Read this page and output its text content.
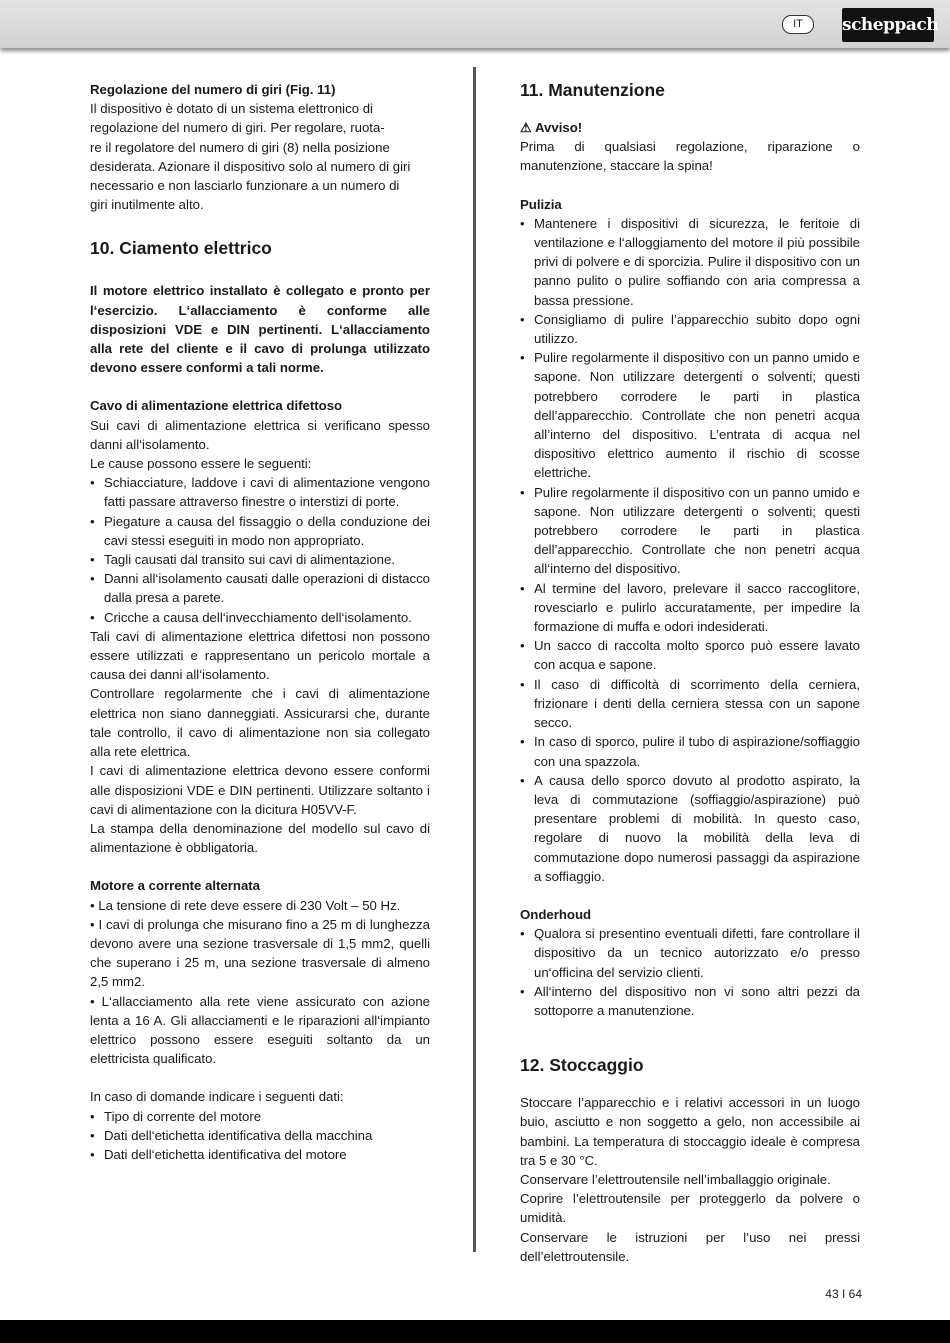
IT	scheppach

Regolazione del numero di giri (Fig. 11)

Il dispositivo è dotato di un sistema elettronico di

regolazione del numero di giri. Per regolare, ruota-

re il regolatore del numero di giri (8) nella posizione

desiderata. Azionare il dispositivo solo al numero di giri

necessario e non lasciarlo funzionare a un numero di

giri inutilmente alto.

10. Ciamento elettrico

Il motore elettrico installato è collegato e pronto per l‘esercizio. L‘allacciamento è conforme alle disposizioni VDE e DIN pertinenti. L‘allacciamento alla rete del cliente e il cavo di prolunga utilizzato devono essere conformi a tali norme.

Cavo di alimentazione elettrica difettoso

Sui cavi di alimentazione elettrica si verificano spesso danni all‘isolamento.

Le cause possono essere le seguenti:

• Schiacciature, laddove i cavi di alimentazione vengono fatti passare attraverso finestre o interstizi di porte.
• Piegature a causa del fissaggio o della conduzione dei cavi stessi eseguiti in modo non appropriato.
• Tagli causati dal transito sui cavi di alimentazione.
• Danni all‘isolamento causati dalle operazioni di distacco dalla presa a parete.
• Cricche a causa dell‘invecchiamento dell‘isolamento.

Tali cavi di alimentazione elettrica difettosi non possono essere utilizzati e rappresentano un pericolo mortale a causa dei danni all‘isolamento.

Controllare regolarmente che i cavi di alimentazione elettrica non siano danneggiati. Assicurarsi che, durante tale controllo, il cavo di alimentazione non sia collegato alla rete elettrica.

I cavi di alimentazione elettrica devono essere conformi alle disposizioni VDE e DIN pertinenti. Utilizzare soltanto i cavi di alimentazione con la dicitura H05VV-F.

La stampa della denominazione del modello sul cavo di alimentazione è obbligatoria.

Motore a corrente alternata

• La tensione di rete deve essere di 230 Volt – 50 Hz.

• I cavi di prolunga che misurano fino a 25 m di lunghezza devono avere una sezione trasversale di 1,5 mm2, quelli che superano i 25 m, una sezione trasversale di almeno 2,5 mm2.

• L‘allacciamento alla rete viene assicurato con azione lenta a 16 A. Gli allacciamenti e le riparazioni all‘impianto elettrico possono essere eseguiti soltanto da un elettricista qualificato.

In caso di domande indicare i seguenti dati:

• Tipo di corrente del motore
• Dati dell‘etichetta identificativa della macchina
• Dati dell‘etichetta identificativa del motore
11. Manutenzione

⚠ Avviso!

Prima di qualsiasi regolazione, riparazione o manutenzione, staccare la spina!

Pulizia

• Mantenere i dispositivi di sicurezza, le feritoie di ventilazione e l‘alloggiamento del motore il più possibile privi di polvere e di sporcizia. Pulire il dispositivo con un panno pulito o pulire soffiando con aria compressa a bassa pressione.
• Consigliamo di pulire l’apparecchio subito dopo ogni utilizzo.
• Pulire regolarmente il dispositivo con un panno umido e sapone. Non utilizzare detergenti o solventi; questi potrebbero corrodere le parti in plastica dell’apparecchio. Controllate che non penetri acqua all’interno del dispositivo. L’entrata di acqua nel dispositivo elettrico aumento il rischio di scosse elettriche.
• Pulire regolarmente il dispositivo con un panno umido e sapone. Non utilizzare detergenti o solventi; questi potrebbero corrodere le parti in plastica dell’apparecchio. Controllate che non penetri acqua all‘interno del dispositivo.
• Al termine del lavoro, prelevare il sacco raccoglitore, rovesciarlo e pulirlo accuratamente, per impedire la formazione di muffa e odori indesiderati.
• Un sacco di raccolta molto sporco può essere lavato con acqua e sapone.
• Il caso di difficoltà di scorrimento della cerniera, frizionare i denti della cerniera stessa con un sapone secco.
• In caso di sporco, pulire il tubo di aspirazione/soffiaggio con una spazzola.
• A causa dello sporco dovuto al prodotto aspirato, la leva di commutazione (soffiaggio/aspirazione) può presentare problemi di mobilità. In questo caso, regolare di nuovo la mobilità della leva di commutazione dopo numerosi passaggi da aspirazione a soffiaggio.

Onderhoud

• Qualora si presentino eventuali difetti, fare controllare il dispositivo da un tecnico autorizzato e/o presso un‘officina del servizio clienti.
• All‘interno del dispositivo non vi sono altri pezzi da sottoporre a manutenzione.
12. Stoccaggio

Stoccare l’apparecchio e i relativi accessori in un luogo buio, asciutto e non soggetto a gelo, non accessibile ai bambini. La temperatura di stoccaggio ideale è compresa tra 5 e 30 °C.

Conservare l’elettroutensile nell’imballaggio originale.

Coprire l’elettroutensile per proteggerlo da polvere o umidità.

Conservare le istruzioni per l’uso nei pressi dell’elettroutensile.

43 I 64
